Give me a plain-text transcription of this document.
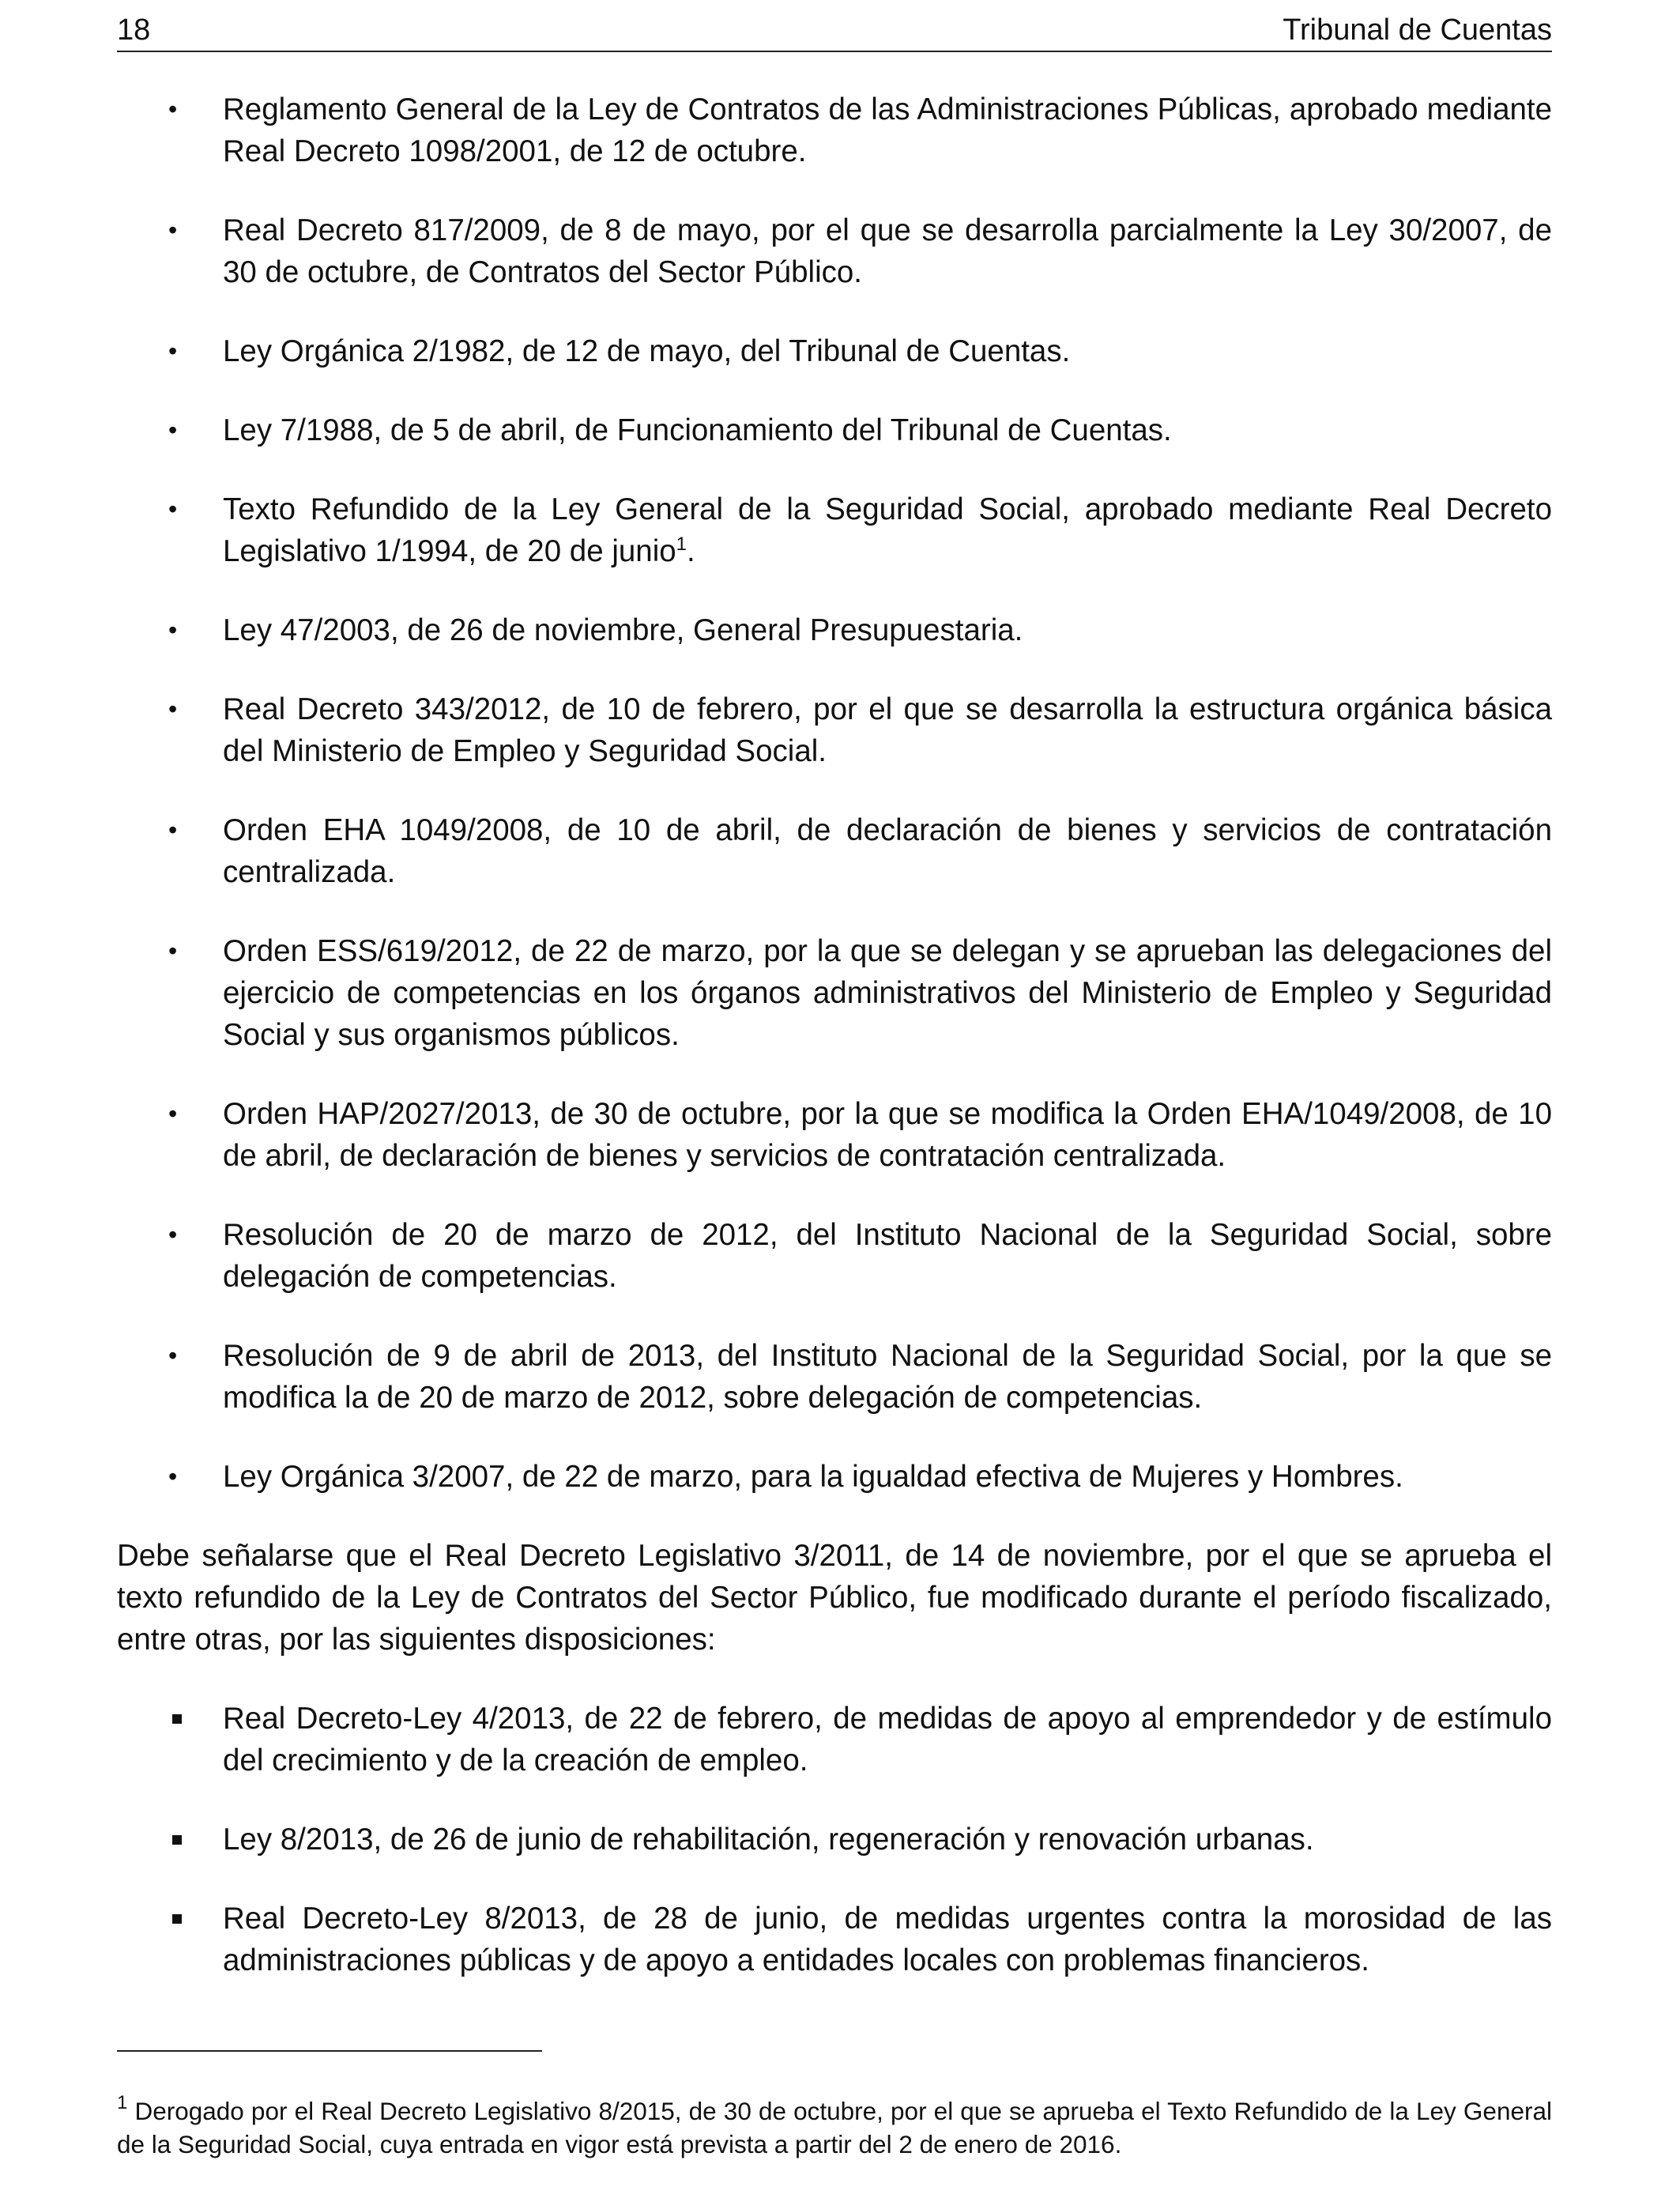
18	Tribunal de Cuentas
• Reglamento General de la Ley de Contratos de las Administraciones Públicas, aprobado mediante Real Decreto 1098/2001, de 12 de octubre.
• Real Decreto 817/2009, de 8 de mayo, por el que se desarrolla parcialmente la Ley 30/2007, de 30 de octubre, de Contratos del Sector Público.
• Ley Orgánica 2/1982, de 12 de mayo, del Tribunal de Cuentas.
• Ley 7/1988, de 5 de abril, de Funcionamiento del Tribunal de Cuentas.
• Texto Refundido de la Ley General de la Seguridad Social, aprobado mediante Real Decreto Legislativo 1/1994, de 20 de junio$^1$.
• Ley 47/2003, de 26 de noviembre, General Presupuestaria.
• Real Decreto 343/2012, de 10 de febrero, por el que se desarrolla la estructura orgánica básica del Ministerio de Empleo y Seguridad Social.
• Orden EHA 1049/2008, de 10 de abril, de declaración de bienes y servicios de contratación centralizada.
• Orden ESS/619/2012, de 22 de marzo, por la que se delegan y se aprueban las delegaciones del ejercicio de competencias en los órganos administrativos del Ministerio de Empleo y Seguridad Social y sus organismos públicos.
• Orden HAP/2027/2013, de 30 de octubre, por la que se modifica la Orden EHA/1049/2008, de 10 de abril, de declaración de bienes y servicios de contratación centralizada.
• Resolución de 20 de marzo de 2012, del Instituto Nacional de la Seguridad Social, sobre delegación de competencias.
• Resolución de 9 de abril de 2013, del Instituto Nacional de la Seguridad Social, por la que se modifica la de 20 de marzo de 2012, sobre delegación de competencias.
• Ley Orgánica 3/2007, de 22 de marzo, para la igualdad efectiva de Mujeres y Hombres.

Debe señalarse que el Real Decreto Legislativo 3/2011, de 14 de noviembre, por el que se aprueba el texto refundido de la Ley de Contratos del Sector Público, fue modificado durante el período fiscalizado, entre otras, por las siguientes disposiciones:

Real Decreto-Ley 4/2013, de 22 de febrero, de medidas de apoyo al emprendedor y de estímulo del crecimiento y de la creación de empleo.
Ley 8/2013, de 26 de junio de rehabilitación, regeneración y renovación urbanas.
Real Decreto-Ley 8/2013, de 28 de junio, de medidas urgentes contra la morosidad de las administraciones públicas y de apoyo a entidades locales con problemas financieros.
$^1$ Derogado por el Real Decreto Legislativo 8/2015, de 30 de octubre, por el que se aprueba el Texto Refundido de la Ley General de la Seguridad Social, cuya entrada en vigor está prevista a partir del 2 de enero de 2016.
